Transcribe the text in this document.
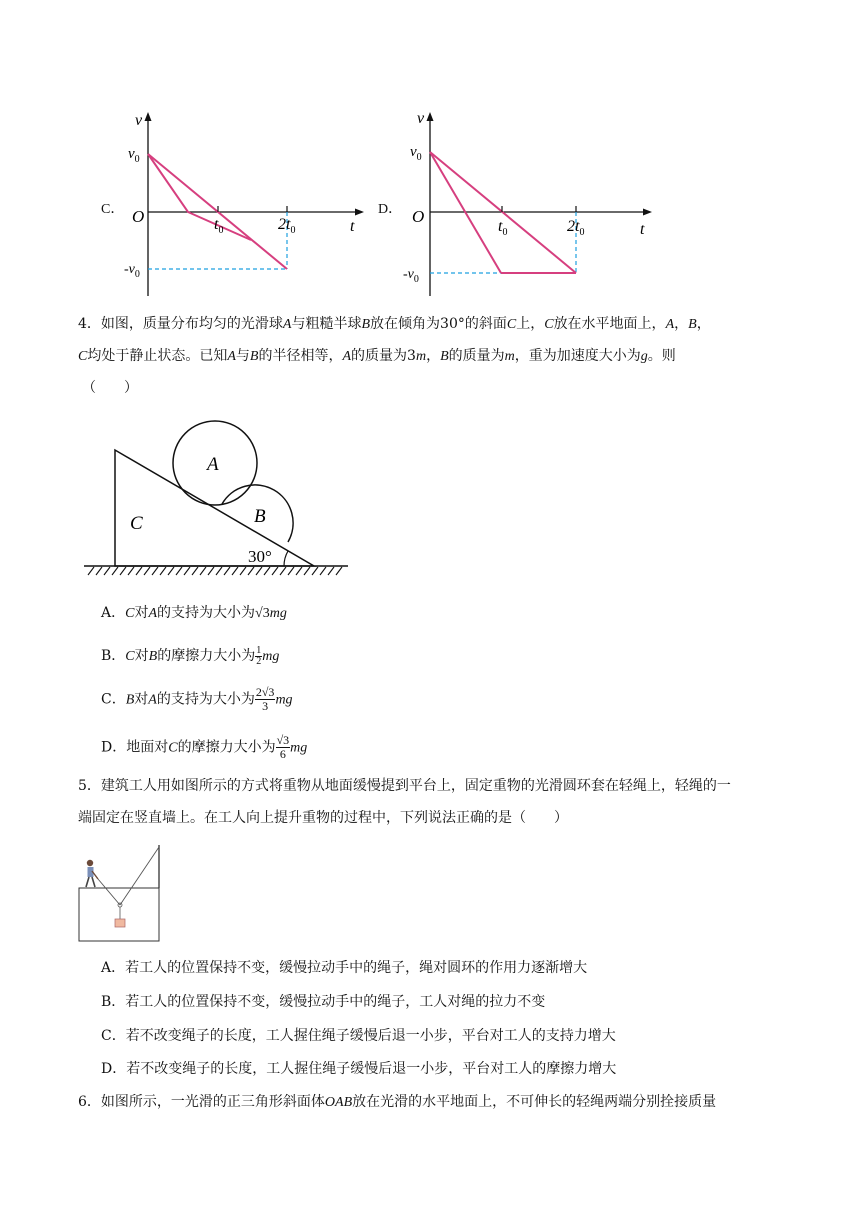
v
$v_0$
O	$t_0$	$2t_0$	t
$-v_0$
C．
v
$v_0$
O
$t_0$	$2t_0$	t
$-v_0$
D．
4．如图，质量分布均匀的光滑球A与粗糙半球B放在倾角为30°的斜面C上，C放在水平地面上，A，B，
C均处于静止状态。已知A与B的半径相等，A的质量为3m，B的质量为m，重为加速度大小为g。则
（　　）
A
B
C
30°
A．C对A的支持为大小为√3mg
B．C对B的摩擦力大小为 $\frac{1}{2}$ mg
C．B对A的支持为大小为 $\frac{2√3}{3}$ mg
D．地面对C的摩擦力大小为 $\frac{√3}{6}$ mg
5．建筑工人用如图所示的方式将重物从地面缓慢提到平台上，固定重物的光滑圆环套在轻绳上，轻绳的一
端固定在竖直墙上。在工人向上提升重物的过程中，下列说法正确的是（　　）
A．若工人的位置保持不变，缓慢拉动手中的绳子，绳对圆环的作用力逐渐增大
B．若工人的位置保持不变，缓慢拉动手中的绳子，工人对绳的拉力不变
C．若不改变绳子的长度，工人握住绳子缓慢后退一小步，平台对工人的支持力增大
D．若不改变绳子的长度，工人握住绳子缓慢后退一小步，平台对工人的摩擦力增大
6．如图所示，一光滑的正三角形斜面体OAB放在光滑的水平地面上，不可伸长的轻绳两端分别拴接质量
